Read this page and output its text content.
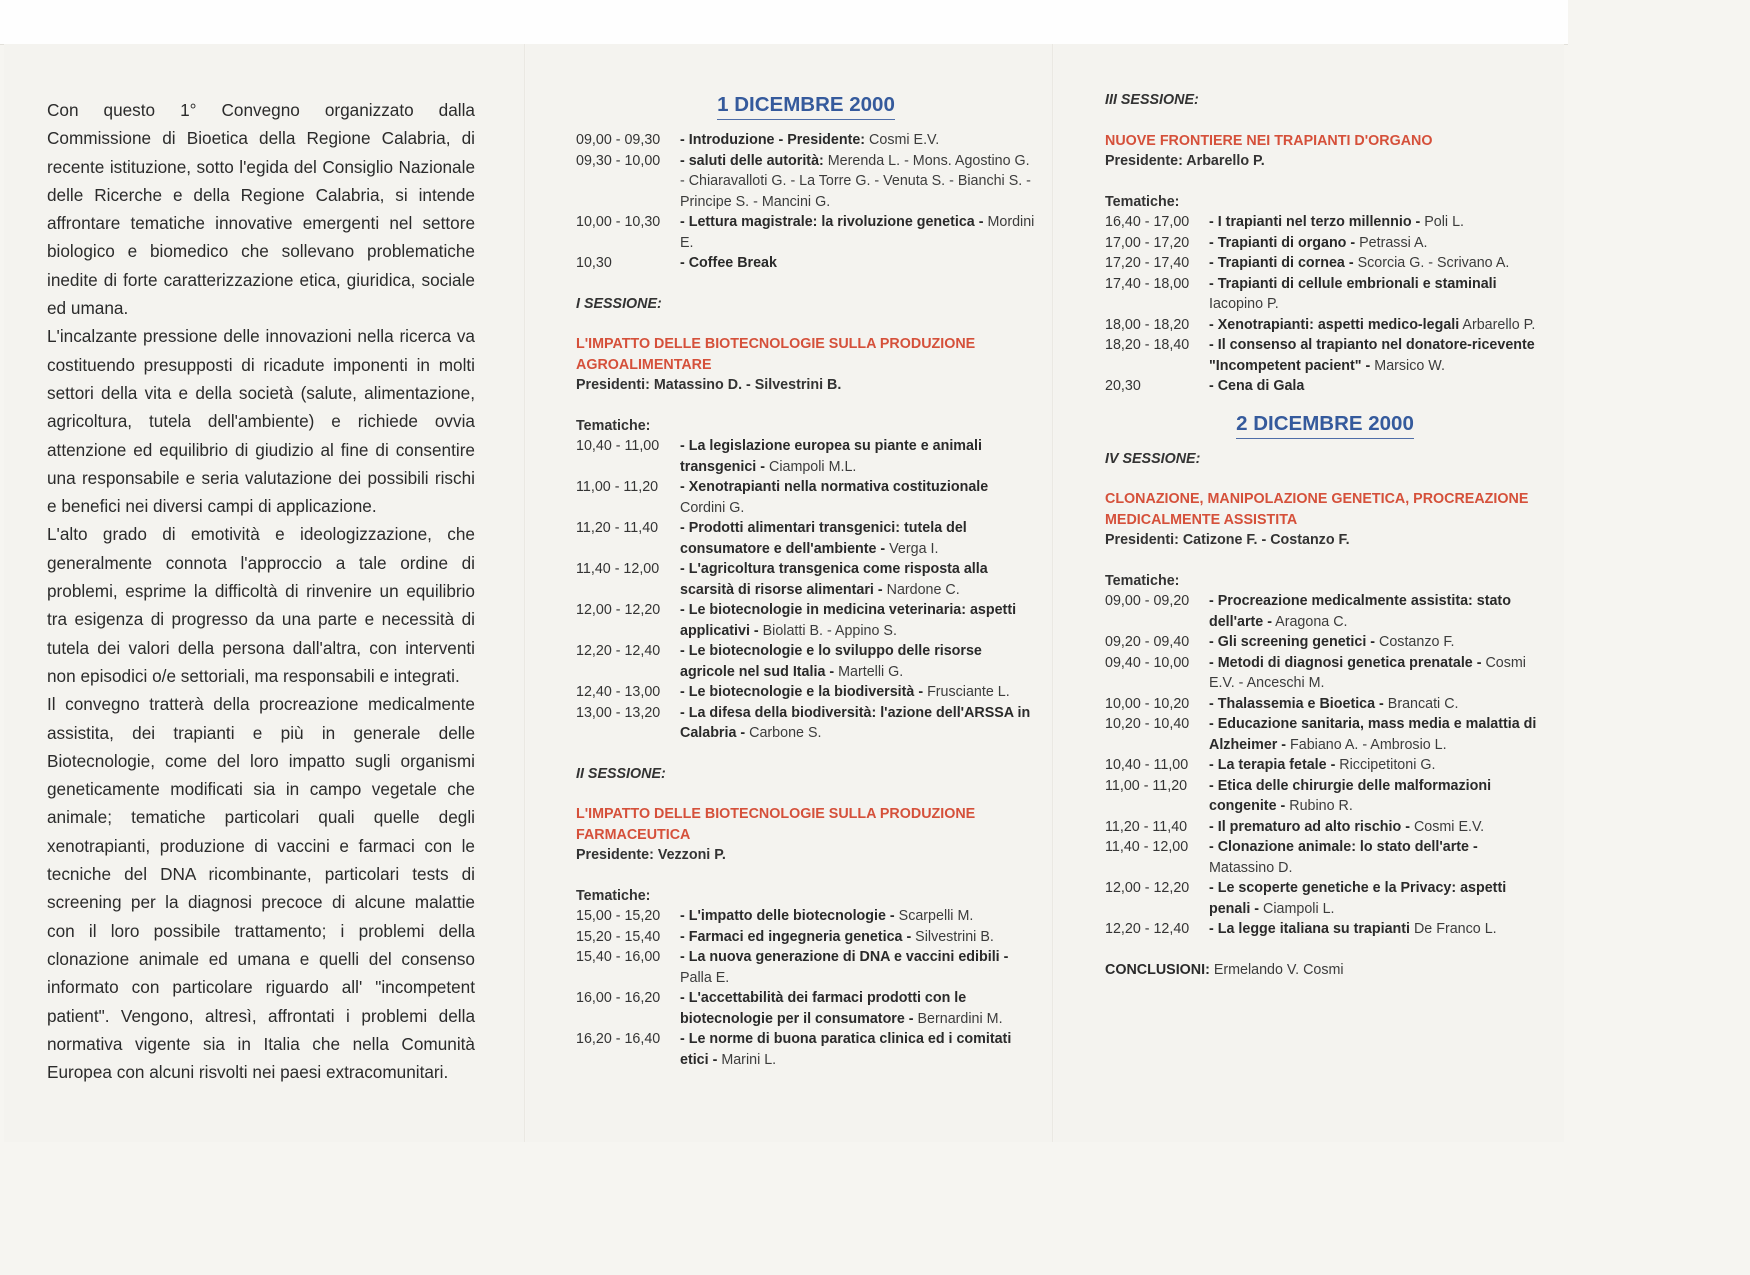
Con questo 1° Convegno organizzato dalla Commissione di Bioetica della Regione Calabria, di recente istituzione, sotto l'egida del Consiglio Nazionale delle Ricerche e della Regione Calabria, si intende affrontare tematiche innovative emergenti nel settore biologico e biomedico che sollevano problematiche inedite di forte caratterizzazione etica, giuridica, sociale ed umana.

L'incalzante pressione delle innovazioni nella ricerca va costituendo presupposti di ricadute imponenti in molti settori della vita e della società (salute, alimentazione, agricoltura, tutela dell'ambiente) e richiede ovvia attenzione ed equilibrio di giudizio al fine di consentire una responsabile e seria valutazione dei possibili rischi e benefici nei diversi campi di applicazione.

L'alto grado di emotività e ideologizzazione, che generalmente connota l'approccio a tale ordine di problemi, esprime la difficoltà di rinvenire un equilibrio tra esigenza di progresso da una parte e necessità di tutela dei valori della persona dall'altra, con interventi non episodici o/e settoriali, ma responsabili e integrati.

Il convegno tratterà della procreazione medicalmente assistita, dei trapianti e più in generale delle Biotecnologie, come del loro impatto sugli organismi geneticamente modificati sia in campo vegetale che animale; tematiche particolari quali quelle degli xenotrapianti, produzione di vaccini e farmaci con le tecniche del DNA ricombinante, particolari tests di screening per la diagnosi precoce di alcune malattie con il loro possibile trattamento; i problemi della clonazione animale ed umana e quelli del consenso informato con particolare riguardo all' "incompetent patient". Vengono, altresì, affrontati i problemi della normativa vigente sia in Italia che nella Comunità Europea con alcuni risvolti nei paesi extracomunitari.

1 DICEMBRE 2000
09,00 - 09,30	- Introduzione - Presidente: Cosmi E.V.
09,30 - 10,00	- saluti delle autorità: Merenda L. - Mons. Agostino G. - Chiaravalloti G. - La Torre G. - Venuta S. - Bianchi S. - Principe S. - Mancini G.
10,00 - 10,30	- Lettura magistrale: la rivoluzione genetica - Mordini E.
10,30	- Coffee Break
I SESSIONE:
L'IMPATTO DELLE BIOTECNOLOGIE SULLA PRODUZIONE AGROALIMENTARE
Presidenti: Matassino D. - Silvestrini B.
Tematiche:
10,40 - 11,00	- La legislazione europea su piante e animali transgenici - Ciampoli M.L.
11,00 - 11,20	- Xenotrapianti nella normativa costituzionale Cordini G.
11,20 - 11,40	- Prodotti alimentari transgenici: tutela del consumatore e dell'ambiente - Verga I.
11,40 - 12,00	- L'agricoltura transgenica come risposta alla scarsità di risorse alimentari - Nardone C.
12,00 - 12,20	- Le biotecnologie in medicina veterinaria: aspetti applicativi - Biolatti B. - Appino S.
12,20 - 12,40	- Le biotecnologie e lo sviluppo delle risorse agricole nel sud Italia - Martelli G.
12,40 - 13,00	- Le biotecnologie e la biodiversità - Frusciante L.
13,00 - 13,20	- La difesa della biodiversità: l'azione dell'ARSSA in Calabria - Carbone S.
II SESSIONE:
L'IMPATTO DELLE BIOTECNOLOGIE SULLA PRODUZIONE FARMACEUTICA
Presidente: Vezzoni P.
Tematiche:
15,00 - 15,20	- L'impatto delle biotecnologie - Scarpelli M.
15,20 - 15,40	- Farmaci ed ingegneria genetica - Silvestrini B.
15,40 - 16,00	- La nuova generazione di DNA e vaccini edibili - Palla E.
16,00 - 16,20	- L'accettabilità dei farmaci prodotti con le biotecnologie per il consumatore - Bernardini M.
16,20 - 16,40	- Le norme di buona paratica clinica ed i comitati etici - Marini L.
III SESSIONE:
NUOVE FRONTIERE NEI TRAPIANTI D'ORGANO
Presidente: Arbarello P.
Tematiche:
16,40 - 17,00	- I trapianti nel terzo millennio - Poli L.
17,00 - 17,20	- Trapianti di organo - Petrassi A.
17,20 - 17,40	- Trapianti di cornea - Scorcia G. - Scrivano A.
17,40 - 18,00	- Trapianti di cellule embrionali e staminali Iacopino P.
18,00 - 18,20	- Xenotrapianti: aspetti medico-legali Arbarello P.
18,20 - 18,40	- Il consenso al trapianto nel donatore-ricevente "Incompetent pacient" - Marsico W.
20,30	- Cena di Gala
2 DICEMBRE 2000
IV SESSIONE:
CLONAZIONE, MANIPOLAZIONE GENETICA, PROCREAZIONE MEDICALMENTE ASSISTITA
Presidenti: Catizone F. - Costanzo F.
Tematiche:
09,00 - 09,20	- Procreazione medicalmente assistita: stato dell'arte - Aragona C.
09,20 - 09,40	- Gli screening genetici - Costanzo F.
09,40 - 10,00	- Metodi di diagnosi genetica prenatale - Cosmi E.V. - Anceschi M.
10,00 - 10,20	- Thalassemia e Bioetica - Brancati C.
10,20 - 10,40	- Educazione sanitaria, mass media e malattia di Alzheimer - Fabiano A. - Ambrosio L.
10,40 - 11,00	- La terapia fetale - Riccipetitoni G.
11,00 - 11,20	- Etica delle chirurgie delle malformazioni congenite - Rubino R.
11,20 - 11,40	- Il prematuro ad alto rischio - Cosmi E.V.
11,40 - 12,00	- Clonazione animale: lo stato dell'arte - Matassino D.
12,00 - 12,20	- Le scoperte genetiche e la Privacy: aspetti penali - Ciampoli L.
12,20 - 12,40	- La legge italiana su trapianti De Franco L.
CONCLUSIONI: Ermelando V. Cosmi
